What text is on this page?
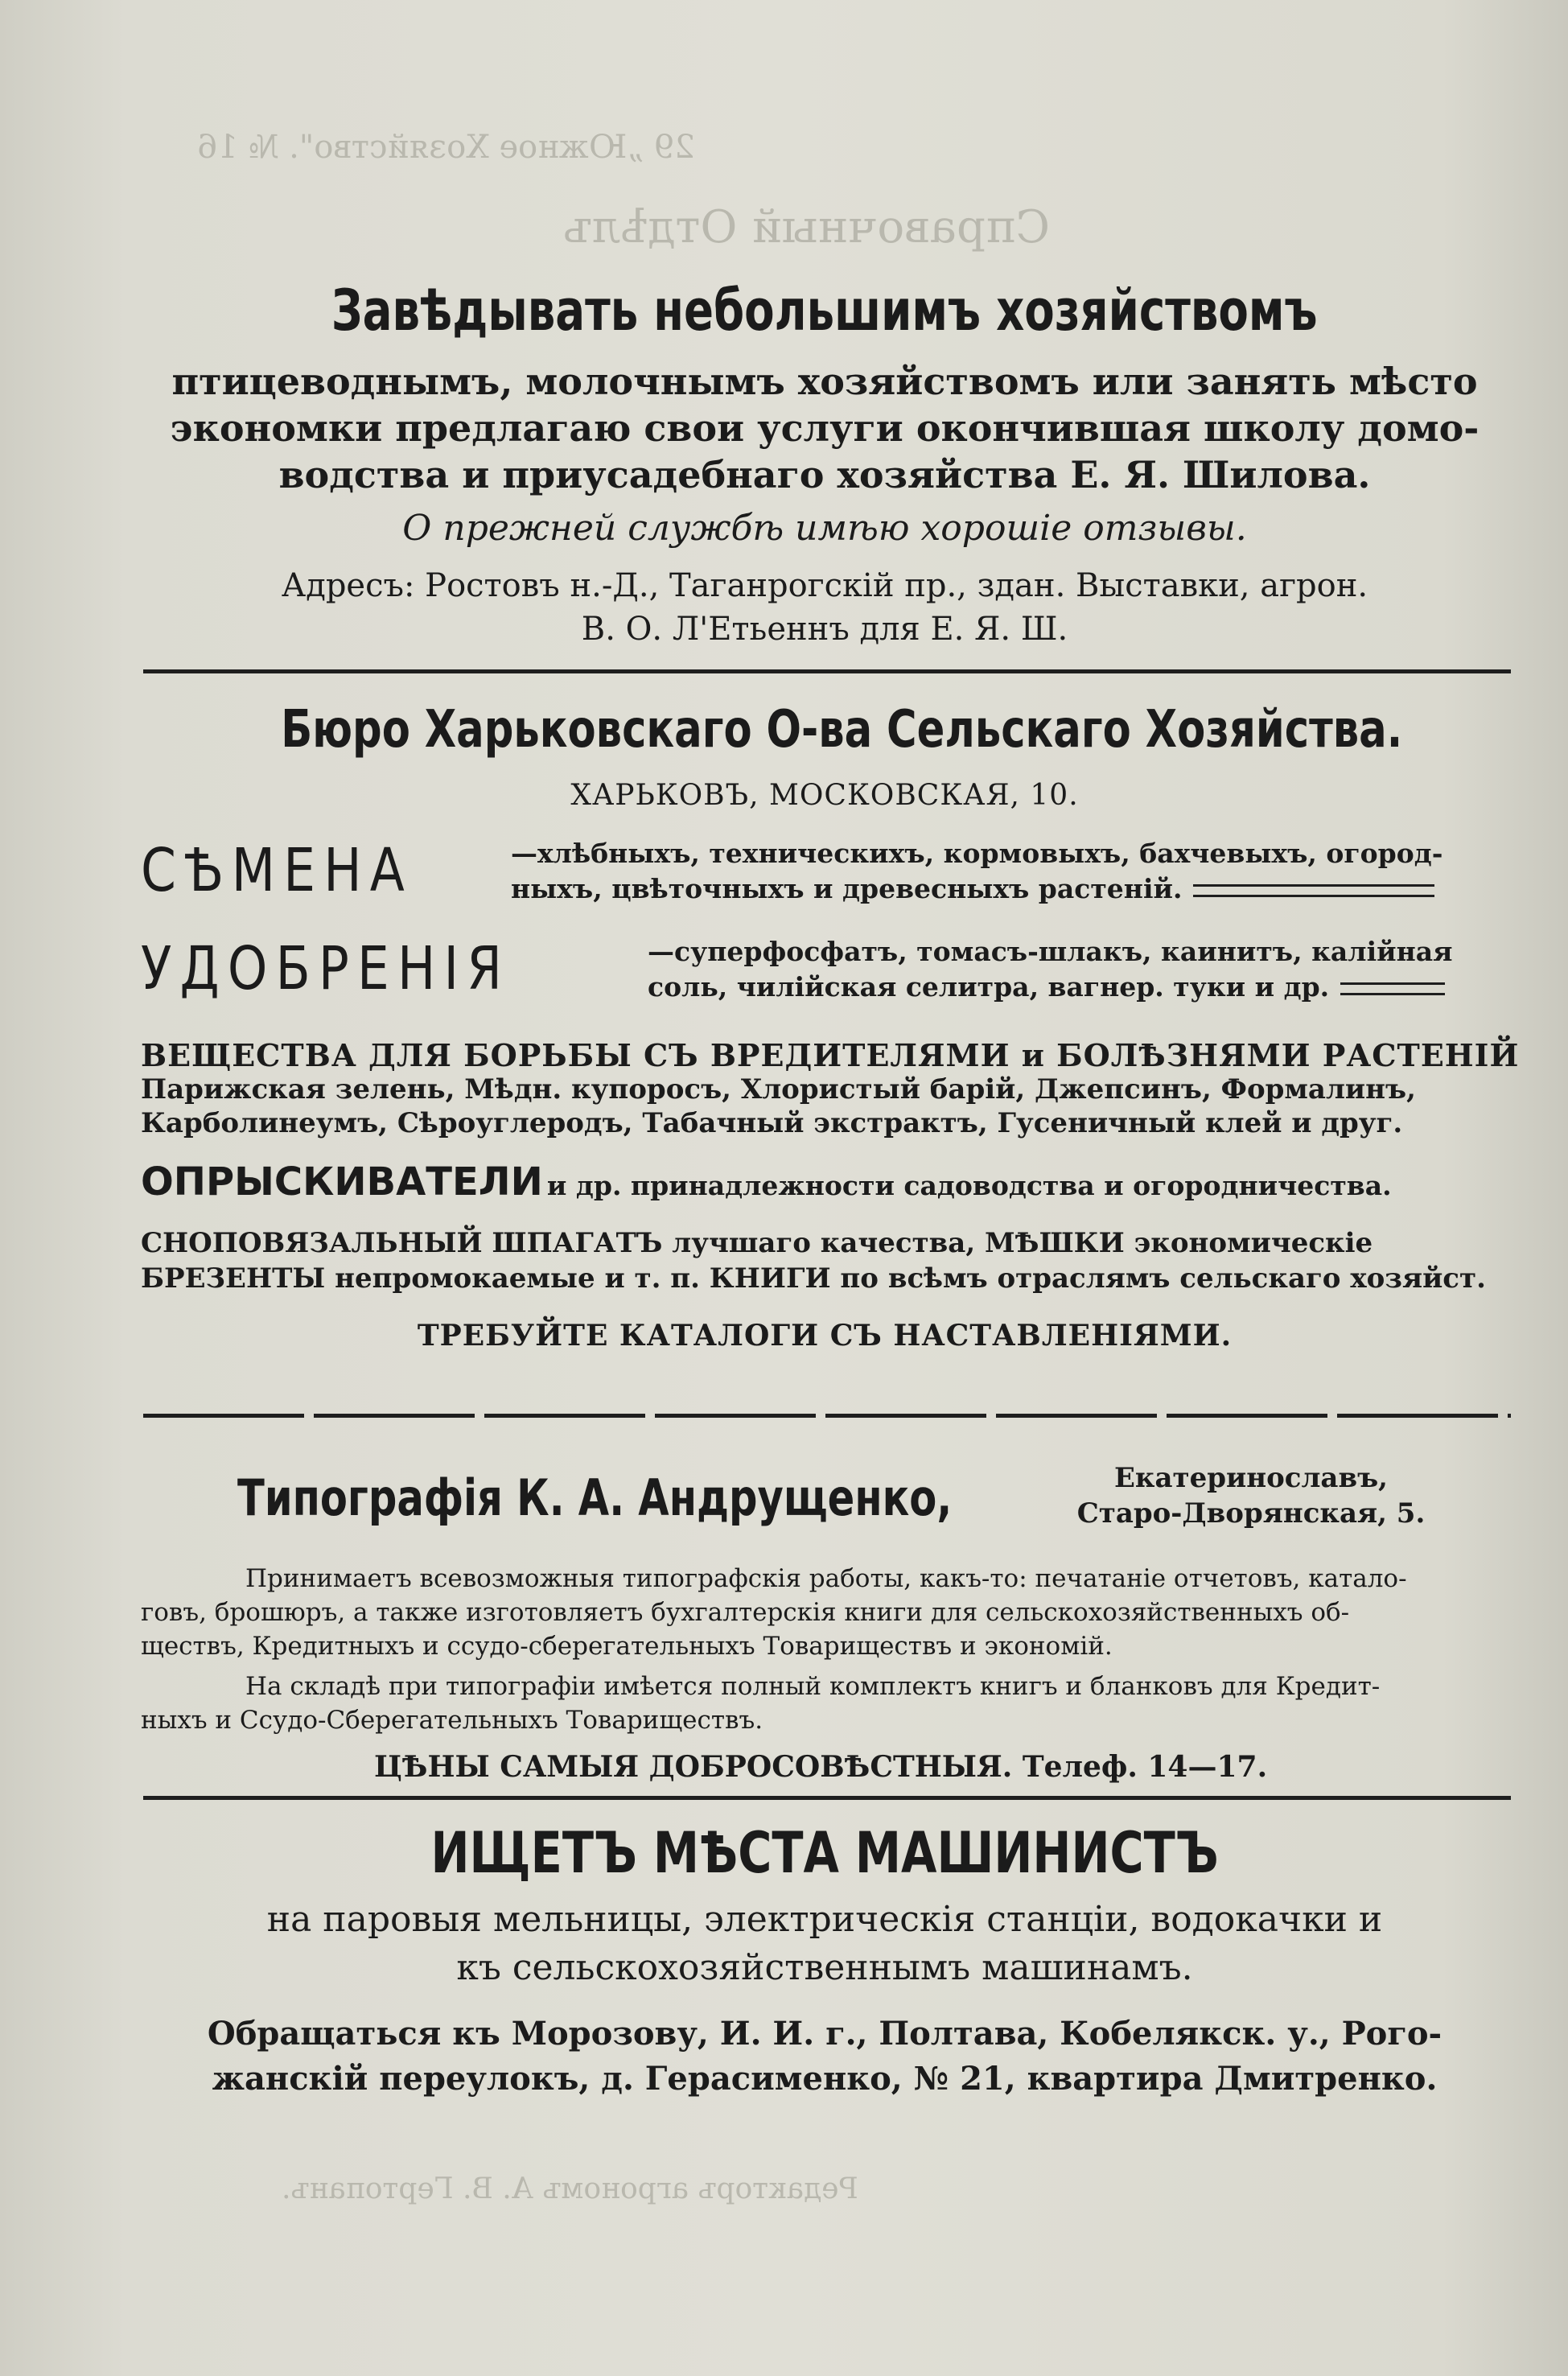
29 „Южное Хозяйство". № 16
Справочный Отдѣлъ
Редакторъ агрономъ А. В. Гертопанъ.
Завѣдывать небольшимъ хозяйствомъ
птицеводнымъ, молочнымъ хозяйствомъ или занять мѣсто
экономки предлагаю свои услуги окончившая школу домо-
водства и приусадебнаго хозяйства Е. Я. Шилова.
О прежней службѣ имѣю хорошіе отзывы.
Адресъ: Ростовъ н.-Д., Таганрогскій пр., здан. Выставки, агрон.
В. О. Л'Етьеннъ для Е. Я. Ш.
Бюро Харьковскаго О-ва Сельскаго Хозяйства.
ХАРЬКОВЪ, МОСКОВСКАЯ, 10.
СѢМЕНА	—хлѣбныхъ, техническихъ, кормовыхъ, бахчевыхъ, огород-
ныхъ, цвѣточныхъ и древесныхъ растеній.
УДОБРЕНІЯ	—суперфосфатъ, томасъ-шлакъ, каинитъ, калійная
соль, чилійская селитра, вагнер. туки и др.
ВЕЩЕСТВА ДЛЯ БОРЬБЫ СЪ ВРЕДИТЕЛЯМИ и БОЛѢЗНЯМИ РАСТЕНІЙ
Парижская зелень, Мѣдн. купоросъ, Хлористый барій, Джепсинъ, Формалинъ,
Карболинеумъ, Сѣроуглеродъ, Табачный экстрактъ, Гусеничный клей и друг.
ОПРЫСКИВАТЕЛИ и др. принадлежности садоводства и огородничества.
СНОПОВЯЗАЛЬНЫЙ ШПАГАТЪ лучшаго качества, МѢШКИ экономическіе
БРЕЗЕНТЫ непромокаемые и т. п. КНИГИ по всѣмъ отраслямъ сельскаго хозяйст.
ТРЕБУЙТЕ КАТАЛОГИ СЪ НАСТАВЛЕНІЯМИ.
Типографія К. А. Андрущенко,	Екатеринославъ,
Старо-Дворянская, 5.
Принимаетъ всевозможныя типографскія работы, какъ-то: печатаніе отчетовъ, катало-
говъ, брошюръ, а также изготовляетъ бухгалтерскія книги для сельскохозяйственныхъ об-
ществъ, Кредитныхъ и ссудо-сберегательныхъ Товариществъ и экономій.
На складѣ при типографіи имѣется полный комплектъ книгъ и бланковъ для Кредит-
ныхъ и Ссудо-Сберегательныхъ Товариществъ.
ЦѢНЫ САМЫЯ ДОБРОСОВѢСТНЫЯ. Телеф. 14—17.
ИЩЕТЪ МѢСТА МАШИНИСТЪ
на паровыя мельницы, электрическія станціи, водокачки и
къ сельскохозяйственнымъ машинамъ.
Обращаться къ Морозову, И. И. г., Полтава, Кобелякск. у., Рого-
жанскій переулокъ, д. Герасименко, № 21, квартира Дмитренко.
